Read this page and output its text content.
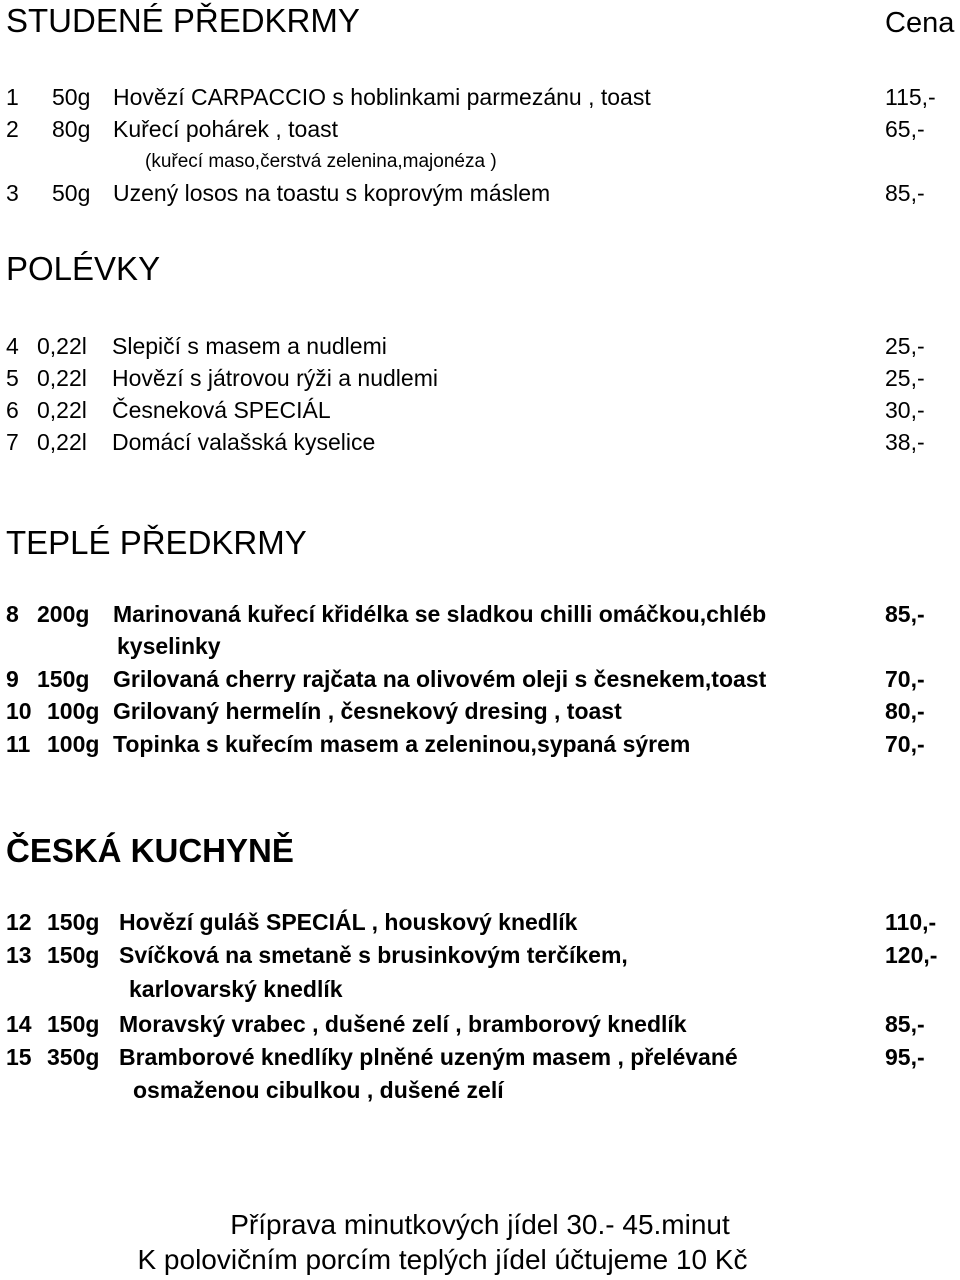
STUDENÉ PŘEDKRMY	Cena
1 50g Hovězí CARPACCIO s hoblinkami parmezánu , toast	115,-
2 80g Kuřecí pohárek , toast	65,-
(kuřecí maso,čerstvá zelenina,majonéza )
3 50g Uzený losos na toastu s koprovým máslem	85,-
POLÉVKY
4 0,22l Slepičí s masem a nudlemi	25,-
5 0,22l Hovězí s játrovou rýži a nudlemi	25,-
6 0,22l Česneková SPECIÁL	30,-
7 0,22l Domácí valašská kyselice	38,-
TEPLÉ PŘEDKRMY
8 200g Marinovaná kuřecí křidélka se sladkou chilli omáčkou,chléb	85,-
kyselinky
9 150g Grilovaná cherry rajčata na olivovém oleji s česnekem,toast	70,-
10 100g Grilovaný hermelín , česnekový dresing , toast	80,-
11 100g Topinka s kuřecím masem a zeleninou,sypaná sýrem	70,-
ČESKÁ KUCHYNĚ
12 150g Hovězí guláš SPECIÁL , houskový knedlík	110,-
13 150g Svíčková na smetaně s brusinkovým terčíkem,	120,-
karlovarský knedlík
14 150g Moravský vrabec , dušené zelí , bramborový knedlík	85,-
15 350g Bramborové knedlíky plněné uzeným masem , přelévané	95,-
osmaženou cibulkou , dušené zelí
Příprava minutkových jídel 30.- 45.minut
K polovičním porcím teplých jídel účtujeme 10 Kč
